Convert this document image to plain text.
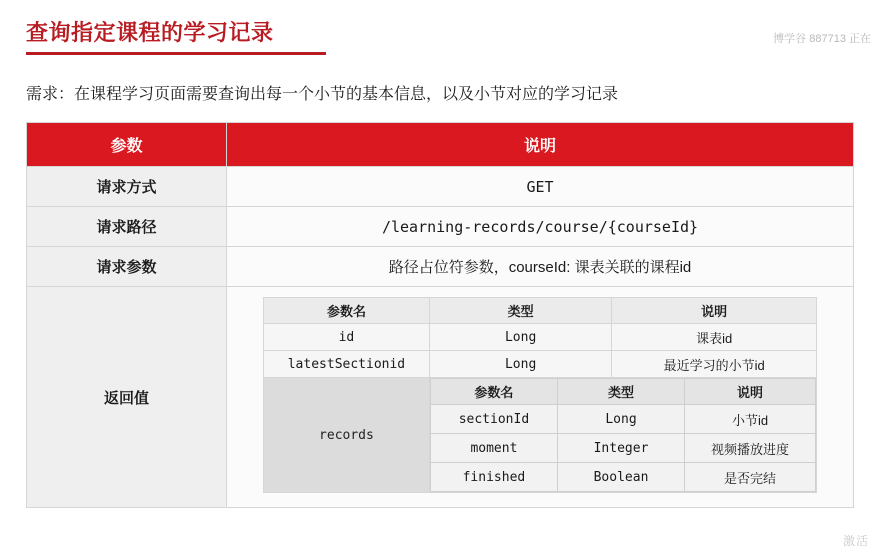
查询指定课程的学习记录	博学谷 887713 正在
激活
需求：在课程学习页面需要查询出每一个小节的基本信息，以及小节对应的学习记录
参数	说明
请求方式	GET
请求路径	/learning-records/course/{courseId}
请求参数	路径占位符参数，courseId: 课表关联的课程id
返回值	
参数名	类型	说明
id	Long	课表id
latestSectionid	Long	最近学习的小节id
records	
参数名	类型	说明
sectionId	Long	小节id
moment	Integer	视频播放进度
finished	Boolean	是否完结
